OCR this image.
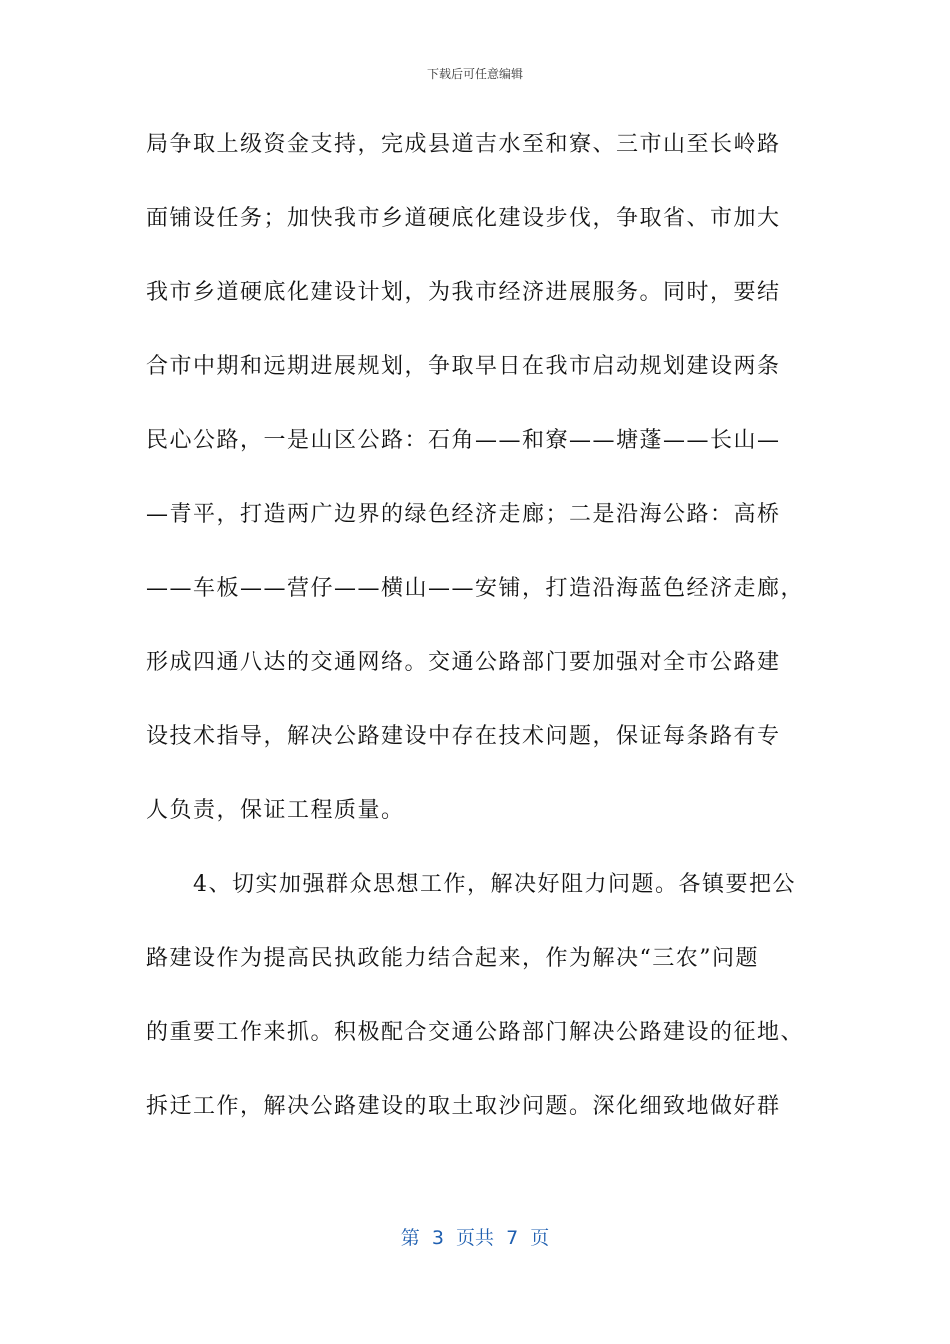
下载后可任意编辑
局争取上级资金支持，完成县道吉水至和寮、三市山至长岭路
面铺设任务；加快我市乡道硬底化建设步伐，争取省、市加大
我市乡道硬底化建设计划，为我市经济进展服务。同时，要结
合市中期和远期进展规划，争取早日在我市启动规划建设两条
民心公路，一是山区公路：石角——和寮——塘蓬——长山—
—青平，打造两广边界的绿色经济走廊；二是沿海公路：高桥
——车板——营仔——横山——安铺，打造沿海蓝色经济走廊，
形成四通八达的交通网络。交通公路部门要加强对全市公路建
设技术指导，解决公路建设中存在技术问题，保证每条路有专
人负责，保证工程质量。
　　4、切实加强群众思想工作，解决好阻力问题。各镇要把公
路建设作为提高民执政能力结合起来，作为解决“三农”问题
的重要工作来抓。积极配合交通公路部门解决公路建设的征地、
拆迁工作，解决公路建设的取土取沙问题。深化细致地做好群
第  3  页共  7  页
